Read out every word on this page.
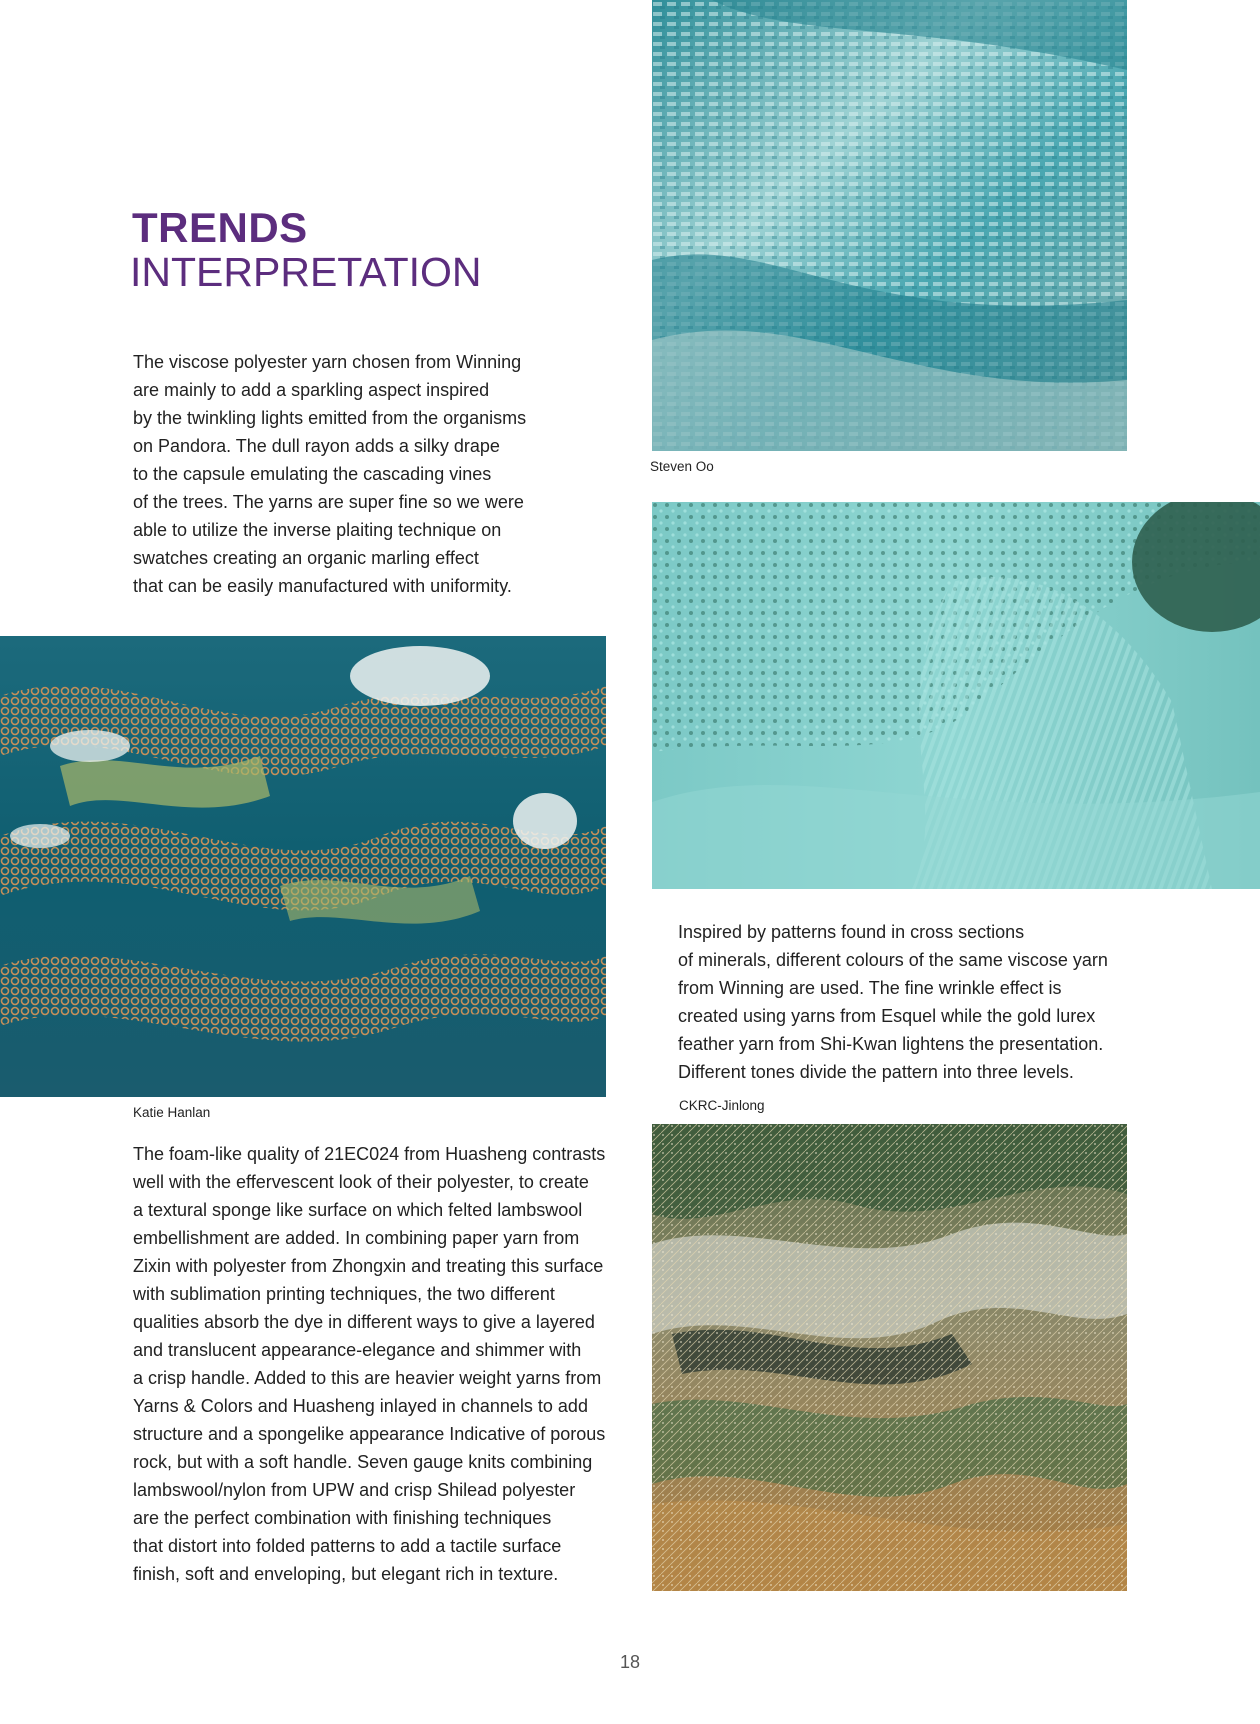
TRENDS
INTERPRETATION

The viscose polyester yarn chosen from Winning

are mainly to add a sparkling aspect inspired

by the twinkling lights emitted from the organisms

on Pandora. The dull rayon adds a silky drape

to the capsule emulating the cascading vines

of the trees. The yarns are super fine so we were

able to utilize the inverse plaiting technique on

swatches creating an organic marling effect

that can be easily manufactured with uniformity.

Steven Oo

Inspired by patterns found in cross sections

of minerals, different colours of the same viscose yarn

from Winning are used. The fine wrinkle effect is

created using yarns from Esquel while the gold lurex

feather yarn from Shi-Kwan lightens the presentation.

Different tones divide the pattern into three levels.

Katie Hanlan	CKRC-Jinlong

The foam-like quality of 21EC024 from Huasheng contrasts

well with the effervescent look of their polyester, to create

a textural sponge like surface on which felted lambswool

embellishment are added. In combining paper yarn from

Zixin with polyester from Zhongxin and treating this surface

with sublimation printing techniques, the two different

qualities absorb the dye in different ways to give a layered

and translucent appearance-elegance and shimmer with

a crisp handle. Added to this are heavier weight yarns from

Yarns & Colors and Huasheng inlayed in channels to add

structure and a spongelike appearance Indicative of porous

rock, but with a soft handle. Seven gauge knits combining

lambswool/nylon from UPW and crisp Shilead polyester

are the perfect combination with finishing techniques

that distort into folded patterns to add a tactile surface

finish, soft and enveloping, but elegant rich in texture.

18
